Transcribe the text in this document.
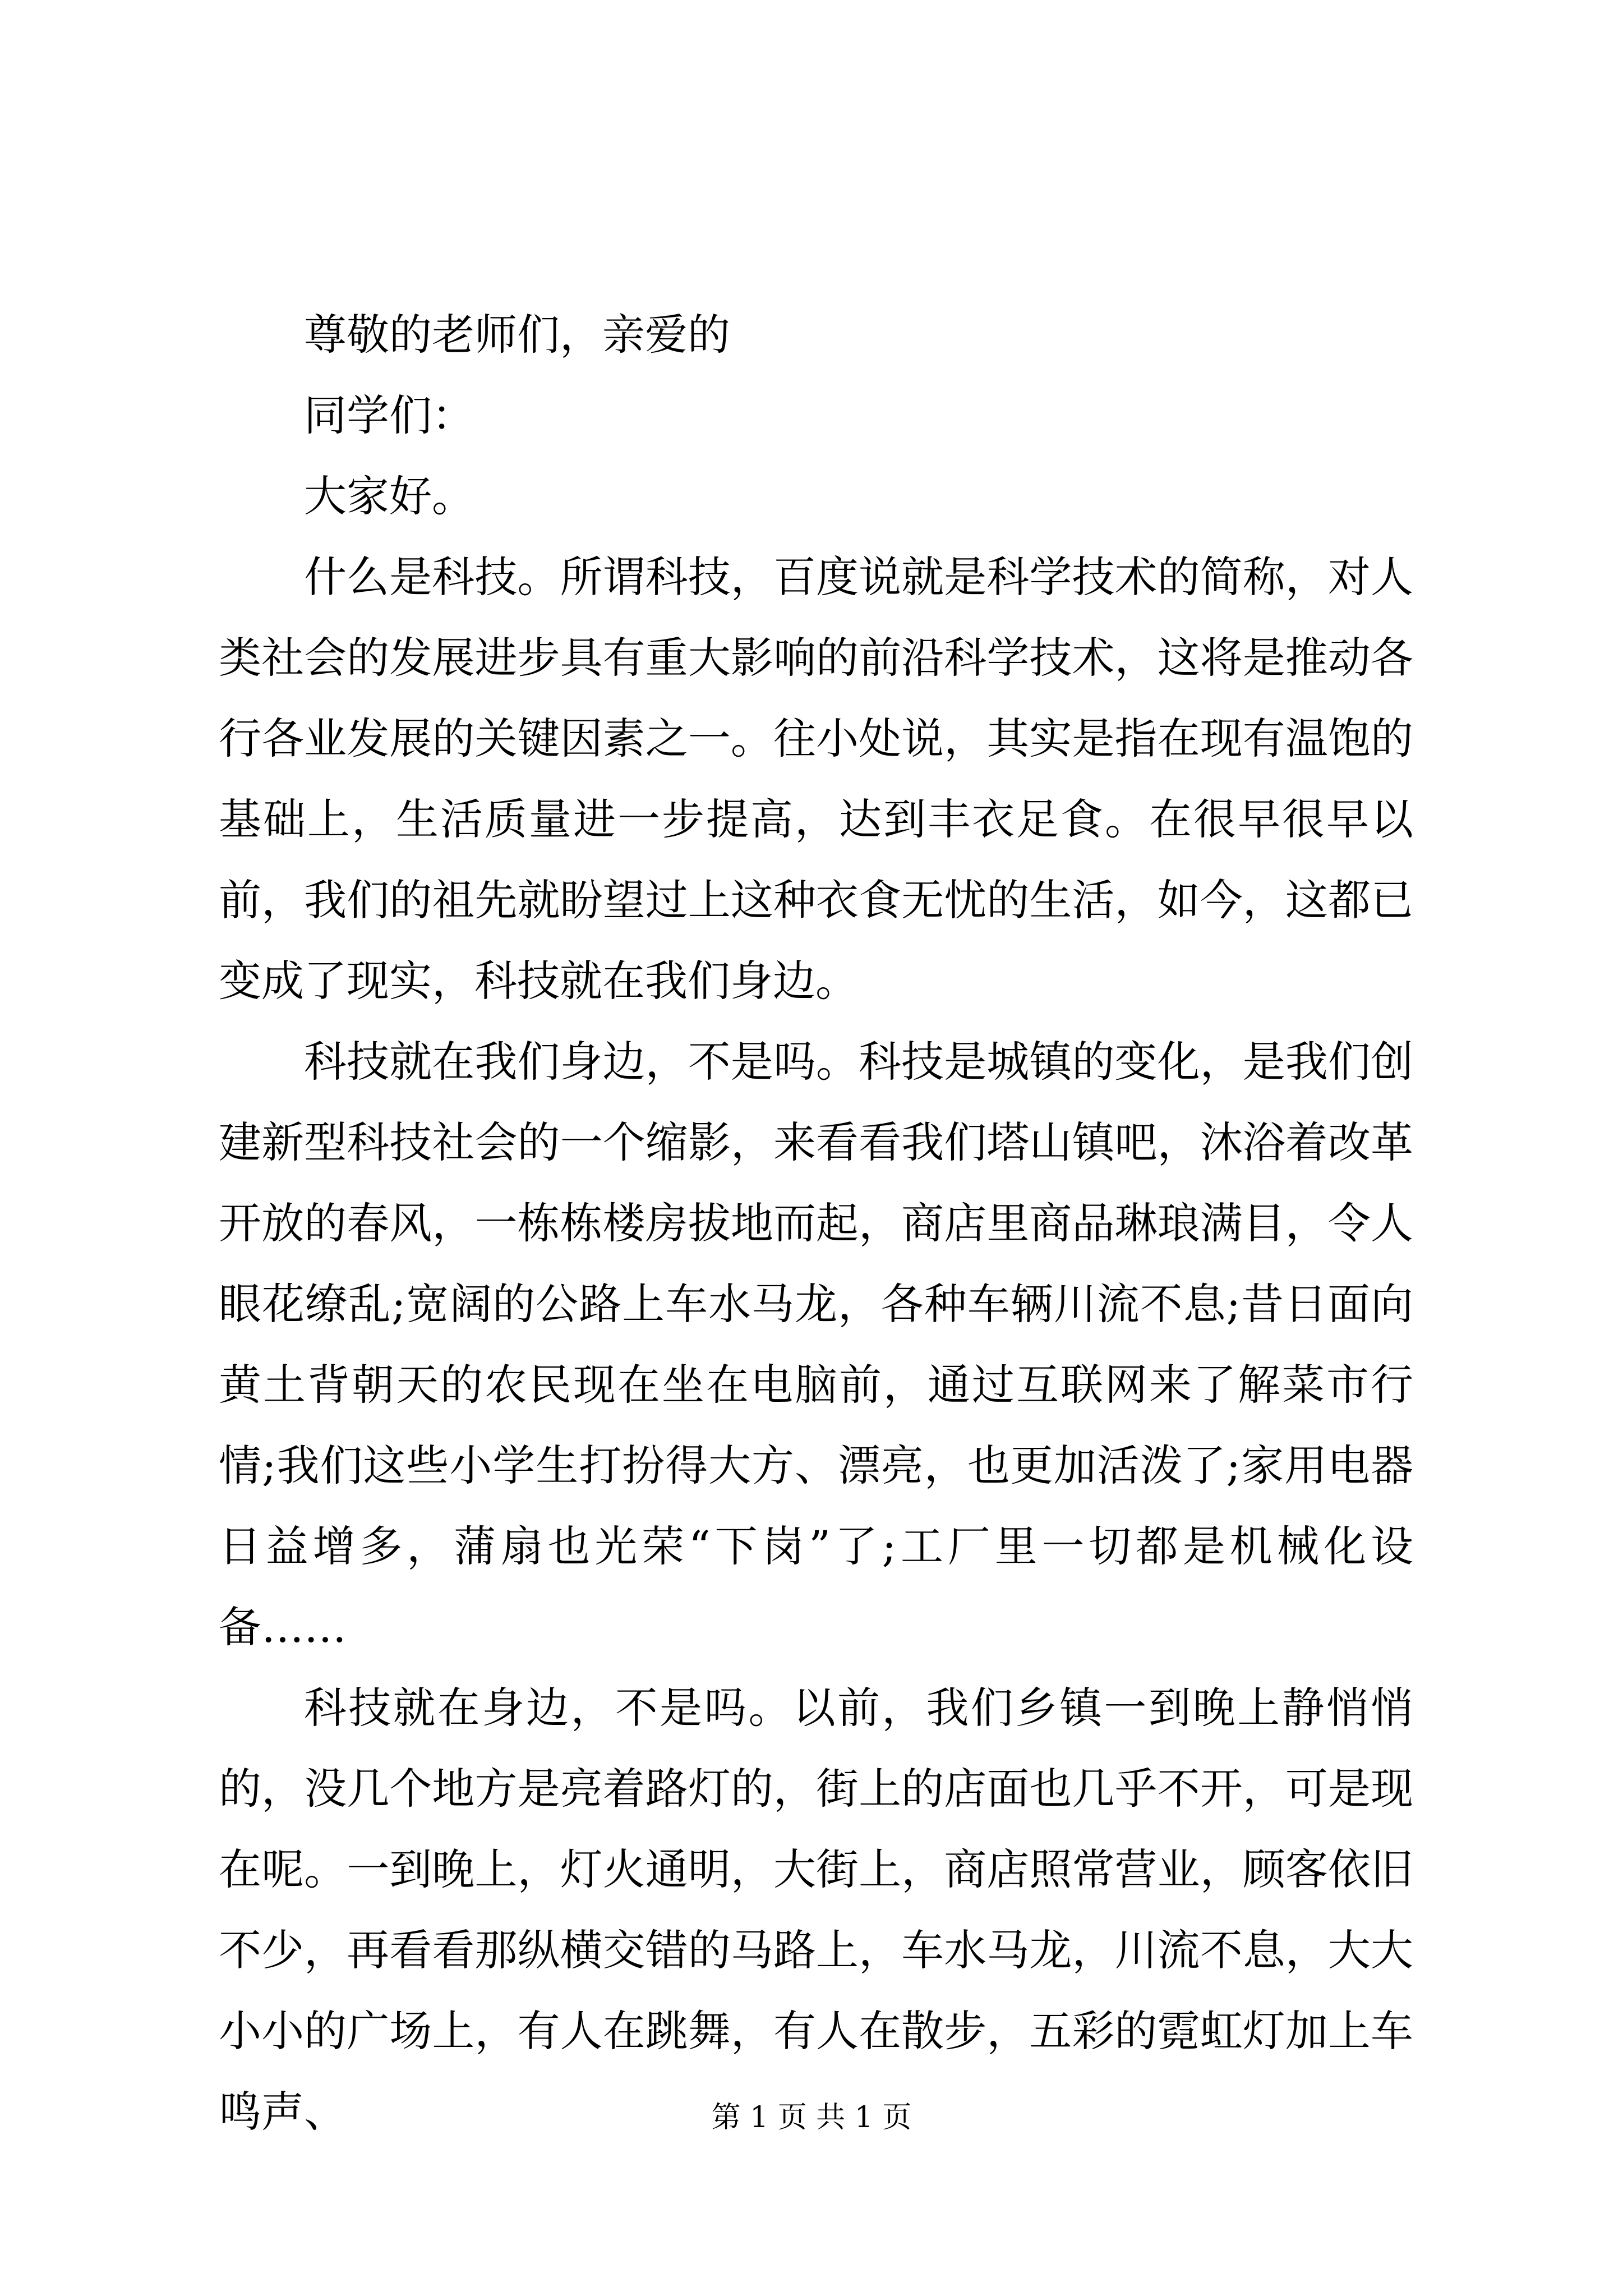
尊敬的老师们，亲爱的

同学们：

大家好。

什么是科技。所谓科技，百度说就是科学技术的简称，对人类社会的发展进步具有重大影响的前沿科学技术，这将是推动各行各业发展的关键因素之一。往小处说，其实是指在现有温饱的基础上，生活质量进一步提高，达到丰衣足食。在很早很早以前，我们的祖先就盼望过上这种衣食无忧的生活，如今，这都已变成了现实，科技就在我们身边。

科技就在我们身边，不是吗。科技是城镇的变化，是我们创建新型科技社会的一个缩影，来看看我们塔山镇吧，沐浴着改革开放的春风，一栋栋楼房拔地而起，商店里商品琳琅满目，令人眼花缭乱;宽阔的公路上车水马龙，各种车辆川流不息;昔日面向黄土背朝天的农民现在坐在电脑前，通过互联网来了解菜市行情;我们这些小学生打扮得大方、漂亮，也更加活泼了;家用电器日益增多，蒲扇也光荣“下岗”了;工厂里一切都是机械化设备……

科技就在身边，不是吗。以前，我们乡镇一到晚上静悄悄的，没几个地方是亮着路灯的，街上的店面也几乎不开，可是现在呢。一到晚上，灯火通明，大街上，商店照常营业，顾客依旧不少，再看看那纵横交错的马路上，车水马龙，川流不息，大大小小的广场上，有人在跳舞，有人在散步，五彩的霓虹灯加上车鸣声、	第 1 页 共 1 页
